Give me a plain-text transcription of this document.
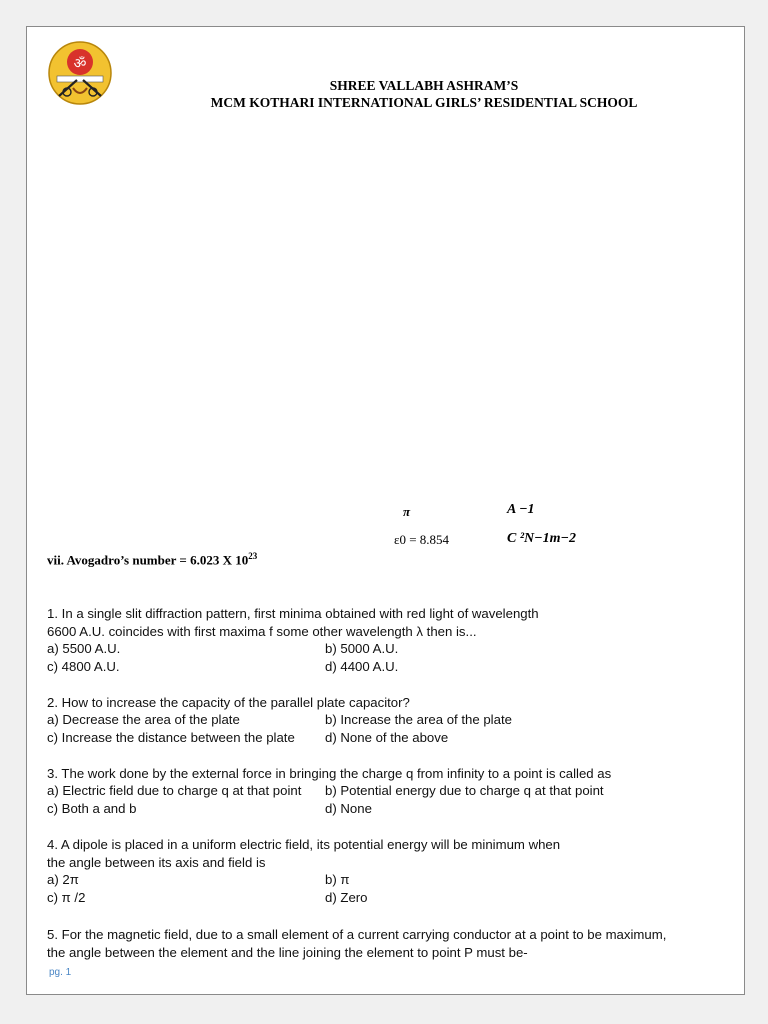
ॐ
SHREE VALLABH ASHRAM’S
MCM KOTHARI INTERNATIONAL GIRLS’ RESIDENTIAL SCHOOL
π	A −1
ε0 = 8.854	C ²N−1m−2
vii. Avogadro’s number = 6.023 X $10^{23}$
1. In a single slit diffraction pattern, first minima obtained with red light of wavelength
6600 A.U. coincides with first maxima f some other wavelength λ then is...
a) 5500 A.U.	b) 5000 A.U.
c) 4800 A.U.	d) 4400 A.U.
2. How to increase the capacity of the parallel plate capacitor?
a) Decrease the area of the plate	b) Increase the area of the plate
c) Increase the distance between the plate d) None of the above
3. The work done by the external force in bringing the charge q from infinity to a point is called as
a) Electric field due to charge q at that point b) Potential energy due to charge q at that point
c) Both a and b	d) None
4. A dipole is placed in a uniform electric field, its potential energy will be minimum when
the angle between its axis and field is
a) 2π	b) π
c) π /2	d) Zero
5. For the magnetic field, due to a small element of a current carrying conductor at a point to be maximum,
the angle between the element and the line joining the element to point P must be-
pg. 1
